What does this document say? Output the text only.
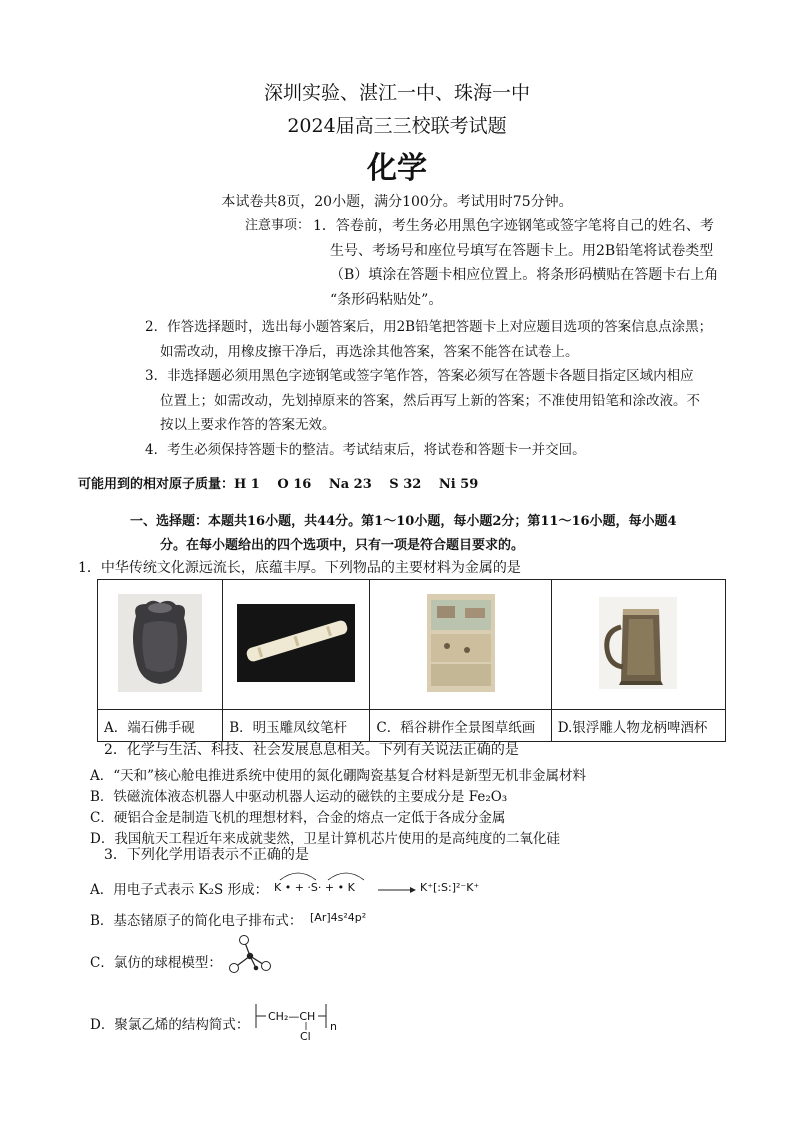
深圳实验、湛江一中、珠海一中
2024届高三三校联考试题
化学
本试卷共8页，20小题，满分100分。考试用时75分钟。
注意事项： 1．答卷前，考生务必用黑色字迹钢笔或签字笔将自己的姓名、考
生号、考场号和座位号填写在答题卡上。用2B铅笔将试卷类型
（B）填涂在答题卡相应位置上。将条形码横贴在答题卡右上角
“条形码粘贴处”。
2．作答选择题时，选出每小题答案后，用2B铅笔把答题卡上对应题目选项的答案信息点涂黑；
如需改动，用橡皮擦干净后，再选涂其他答案，答案不能答在试卷上。
3．非选择题必须用黑色字迹钢笔或签字笔作答，答案必须写在答题卡各题目指定区域内相应
位置上；如需改动，先划掉原来的答案，然后再写上新的答案；不准使用铅笔和涂改液。不
按以上要求作答的答案无效。
4．考生必须保持答题卡的整洁。考试结束后，将试卷和答题卡一并交回。
可能用到的相对原子质量：H 1　 O 16　 Na 23　 S 32　 Ni 59
一、选择题：本题共16小题，共44分。第1～10小题，每小题2分；第11～16小题，每小题4
分。在每小题给出的四个选项中，只有一项是符合题目要求的。
1．中华传统文化源远流长，底蕴丰厚。下列物品的主要材料为金属的是

A．端石佛手砚	B．明玉雕凤纹笔杆	C．稻谷耕作全景图草纸画	D.银浮雕人物龙柄啤酒杯
2．化学与生活、科技、社会发展息息相关。下列有关说法正确的是
A．“天和”核心舱电推进系统中使用的氮化硼陶瓷基复合材料是新型无机非金属材料
B．铁磁流体液态机器人中驱动机器人运动的磁铁的主要成分是 Fe₂O₃
C．硬铝合金是制造飞机的理想材料，合金的熔点一定低于各成分金属
D．我国航天工程近年来成就斐然，卫星计算机芯片使用的是高纯度的二氧化硅
3．下列化学用语表示不正确的是
A．用电子式表示 K₂S 形成： K • + ·S· + • K	K⁺[:S:]²⁻K⁺
B．基态锗原子的简化电子排布式： [Ar]4s²4p²
C．氯仿的球棍模型：
D．聚氯乙烯的结构简式：
CH₂—CH
Cl
n
